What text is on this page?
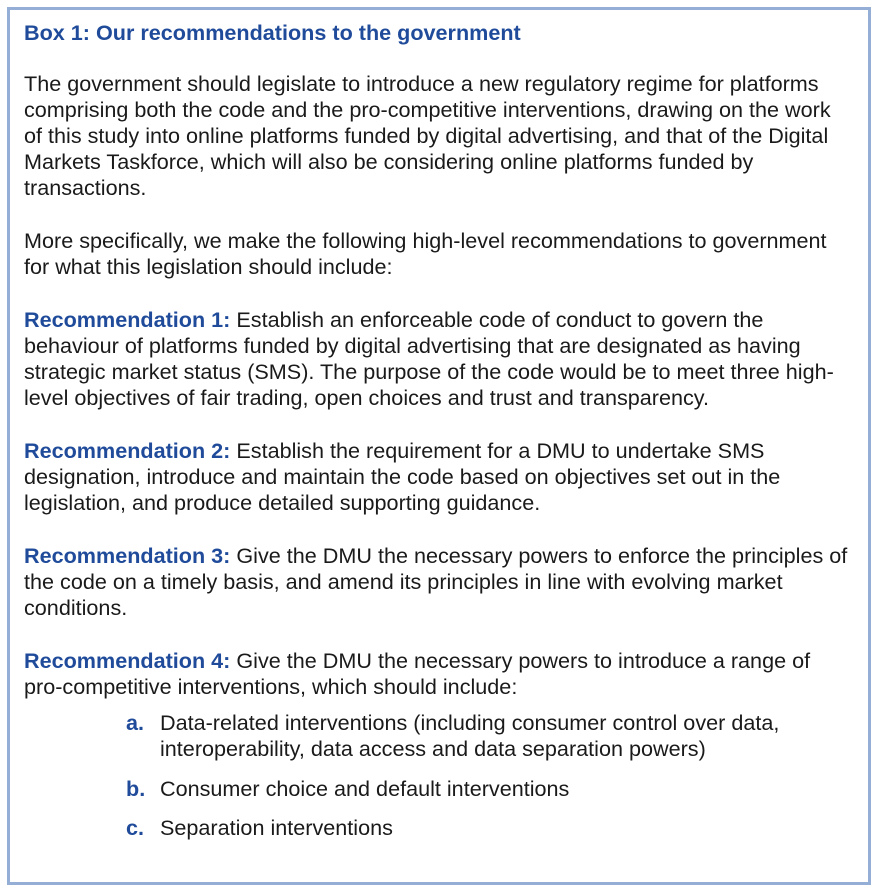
Box 1: Our recommendations to the government

The government should legislate to introduce a new regulatory regime for platforms comprising both the code and the pro-competitive interventions, drawing on the work of this study into online platforms funded by digital advertising, and that of the Digital Markets Taskforce, which will also be considering online platforms funded by transactions.

More specifically, we make the following high-level recommendations to government for what this legislation should include:

Recommendation 1: Establish an enforceable code of conduct to govern the behaviour of platforms funded by digital advertising that are designated as having strategic market status (SMS). The purpose of the code would be to meet three high-level objectives of fair trading, open choices and trust and transparency.

Recommendation 2: Establish the requirement for a DMU to undertake SMS designation, introduce and maintain the code based on objectives set out in the legislation, and produce detailed supporting guidance.

Recommendation 3: Give the DMU the necessary powers to enforce the principles of the code on a timely basis, and amend its principles in line with evolving market conditions.

Recommendation 4: Give the DMU the necessary powers to introduce a range of pro-competitive interventions, which should include:

a. Data-related interventions (including consumer control over data, interoperability, data access and data separation powers)
b. Consumer choice and default interventions
c. Separation interventions
